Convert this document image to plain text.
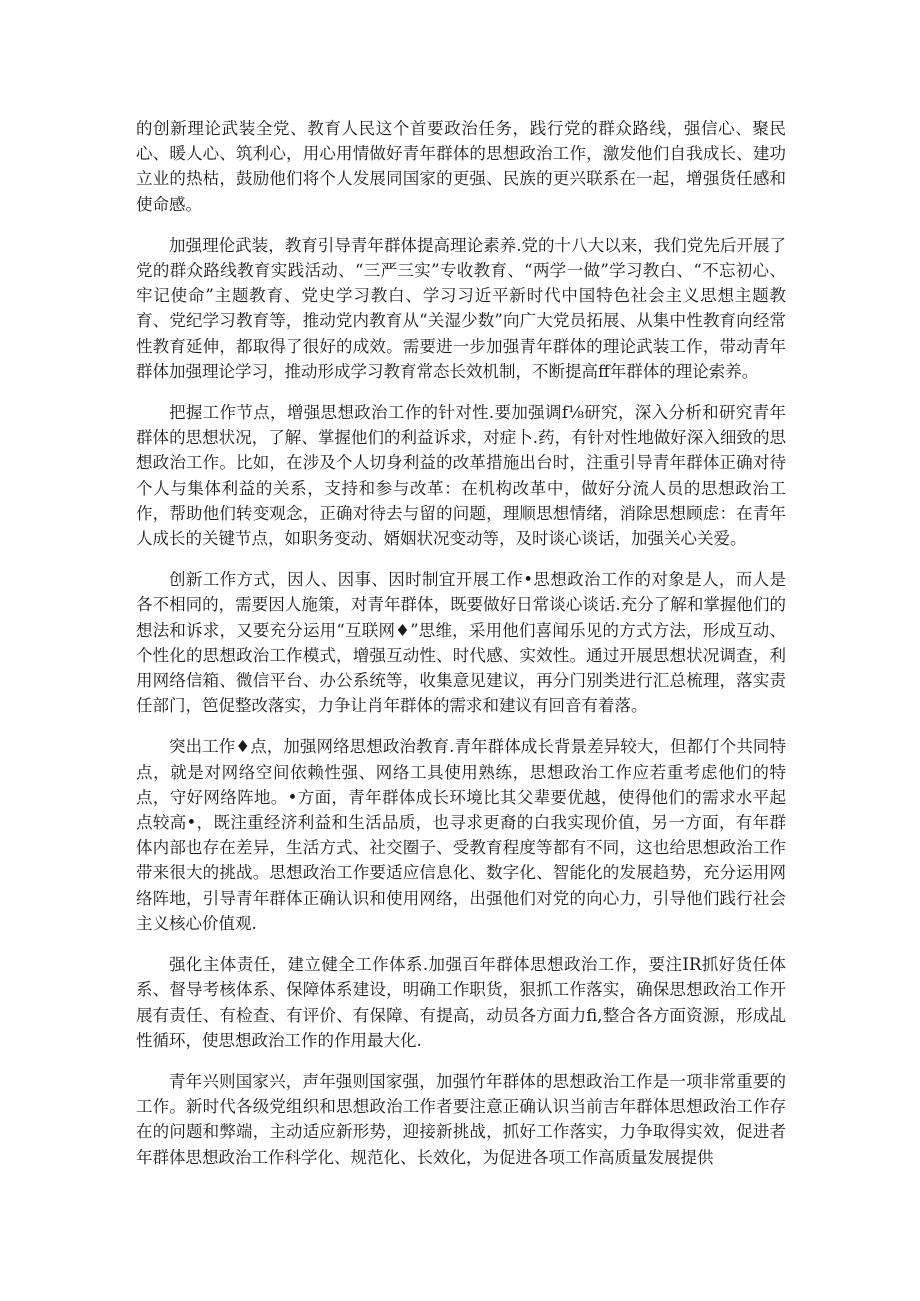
的创新理论武装全党、教育人民这个首要政治任务，践行党的群众路线，强信心、聚民心、暖人心、筑利心，用心用情做好青年群体的思想政治工作，激发他们自我成长、建功立业的热枯，鼓励他们将个人发展同国家的更强、民族的更兴联系在一起，增强货任感和使命感。

加强理伦武装，教育引导青年群体提高理论素养.党的十八大以来，我们党先后开展了党的群众路线教育实践活动、“三严三实”专收教育、“两学一做”学习教白、“不忘初心、牢记使命”主题教育、党史学习教白、学习习近平新时代中国特色社会主义思想主题教育、党纪学习教育等，推动党内教育从“关湿少数”向广大党员拓展、从集中性教育向经常性教育延伸，都取得了很好的成效。需要进一步加强青年群体的理论武装工作，带动青年群体加强理论学习，推动形成学习教育常态长效机制，不断提高ff年群体的理论索养。

把握工作节点，增强思想政治工作的针对性.要加强调f⅛研究，深入分析和研究青年群体的思想状况，了解、掌握他们的利益诉求，对症卜.药，有针对性地做好深入细致的思想政治工作。比如，在涉及个人切身利益的改革措施出台时，注重引导青年群体正确对待个人与集体利益的关系，支持和参与改革：在机构改革中，做好分流人员的思想政治工作，帮助他们转变观念，正确对待去与留的问题，理顺思想情绪，消除思想顾虑：在青年人成长的关键节点，如职务变动、婿姻状况变动等，及时谈心谈话，加强关心关爱。

创新工作方式，因人、因事、因时制宜开展工作•思想政治工作的对象是人，而人是各不相同的，需要因人施策，对青年群体，既要做好日常谈心谈话.充分了解和掌握他们的想法和诉求，又要充分运用“互联网♦”思维，采用他们喜闻乐见的方式方法，形成互动、个性化的思想政治工作模式，增强互动性、时代感、实效性。通过开展思想状况调查，利用网络信箱、微信平台、办公系统等，收集意见建议，再分门别类进行汇总梳理，落实责任部门，笆促整改落实，力争让肖年群体的需求和建议有回音有着落。

突出工作♦点，加强网络思想政治教育.青年群体成长背景差异较大，但都仃个共同特点，就是对网络空间依赖性强、网络工具使用熟练，思想政治工作应若重考虑他们的特点，守好网络阵地。•方面，青年群体成长环境比其父辈要优越，使得他们的需求水平起点较高•，既注重经济利益和生活品质，也寻求更裔的白我实现价值，另一方面，有年群体内部也存在差异，生活方式、社交圈子、受教育程度等都有不同，这也给思想政治工作带来很大的挑战。思想政治工作要适应信息化、数字化、智能化的发展趋势，充分运用网络阵地，引导青年群体正确认识和使用网络，出强他们对党的向心力，引导他们践行社会主义核心价值观.

强化主体责任，建立健全工作体系.加强百年群体思想政治工作，要注IR抓好货任体系、督导考核体系、保障体系建设，明确工作职货，狠抓工作落实，确保思想政治工作开展有责任、有检查、有评价、有保障、有提高，动员各方面力fi,整合各方面资源，形成乩性循环，使思想政治工作的作用最大化.

青年兴则国家兴，声年强则国家强，加强竹年群体的思想政治工作是一项非常重要的工作。新时代各级党组织和思想政治工作者要注意正确认识当前吉年群体思想政治工作存在的问题和弊端，主动适应新形势，迎接新挑战，抓好工作落实，力争取得实效，促进者年群体思想政治工作科学化、规范化、长效化，为促进各项工作高质量发展提供
